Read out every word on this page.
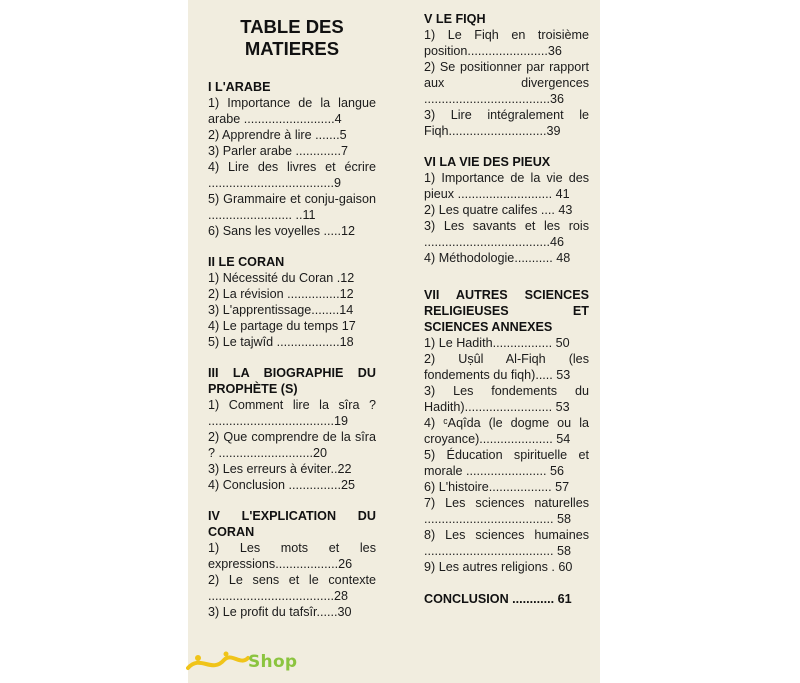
TABLE DES
MATIERES
I L'ARABE
1) Importance de la langue arabe ..........................4
2) Apprendre à lire .......5
3) Parler arabe .............7
4) Lire des livres et écrire ....................................9
5) Grammaire et conju-gaison ........................ ..11
6) Sans les voyelles .....12
II LE CORAN
1) Nécessité du Coran .12
2) La révision ...............12
3) L'apprentissage........14
4) Le partage du temps 17
5) Le tajwîd ..................18
III LA BIOGRAPHIE DU PROPHÈTE (S)
1) Comment lire la sîra ? ....................................19
2) Que comprendre de la sîra ? ...........................20
3) Les erreurs à éviter..22
4) Conclusion ...............25
IV L'EXPLICATION DU CORAN
1) Les mots et les expressions..................26
2) Le sens et le contexte ....................................28
3) Le profit du tafsîr......30
V LE FIQH
1) Le Fiqh en troisième position.......................36
2) Se positionner par rapport aux divergences ....................................36
3) Lire intégralement le Fiqh............................39
VI LA VIE DES PIEUX
1) Importance de la vie des pieux ........................... 41
2) Les quatre califes .... 43
3) Les savants et les rois ....................................46
4) Méthodologie........... 48
VII AUTRES SCIENCES RELIGIEUSES ET SCIENCES ANNEXES
1) Le Hadith................. 50
2) Uṣûl Al-Fiqh (les fondements du fiqh)..... 53
3) Les fondements du Hadith)......................... 53
4) ᶜAqîda (le dogme ou la croyance)..................... 54
5) Éducation spirituelle et morale ....................... 56
6) L'histoire.................. 57
7) Les sciences naturelles ..................................... 58
8) Les sciences humaines ..................................... 58
9) Les autres religions . 60
CONCLUSION ............ 61
Shop
